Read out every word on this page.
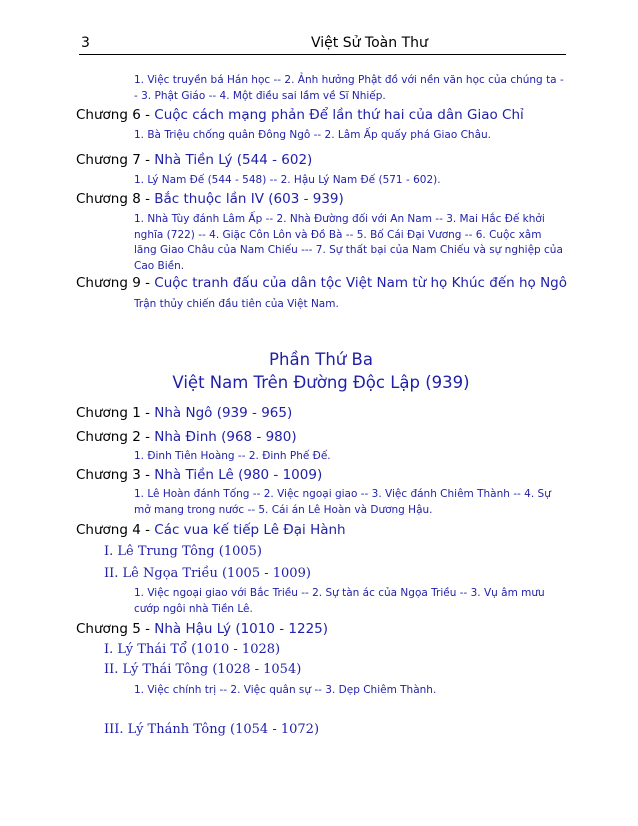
3	Việt Sử Toàn Thư
1. Việc truyền bá Hán học -- 2. Ảnh hưởng Phật đồ với nền văn học của chúng ta -- 3. Phật Giáo -- 4. Một điều sai lầm về Sĩ Nhiếp.
Chương 6 - Cuộc cách mạng phản Để lần thứ hai của dân Giao Chỉ
1. Bà Triệu chống quân Đông Ngô -- 2. Lâm Ấp quấy phá Giao Châu.
Chương 7 - Nhà Tiền Lý (544 - 602)
1. Lý Nam Đế (544 - 548) -- 2. Hậu Lý Nam Đế (571 - 602).
Chương 8 - Bắc thuộc lần IV (603 - 939)
1. Nhà Tùy đánh Lâm Ấp -- 2. Nhà Đường đối với An Nam -- 3. Mai Hắc Đế khởi nghĩa (722) -- 4. Giặc Côn Lôn và Đồ Bà -- 5. Bố Cái Đại Vương -- 6. Cuộc xâm lăng Giao Châu của Nam Chiếu --- 7. Sự thất bại của Nam Chiếu và sự nghiệp của Cao Biền.
Chương 9 - Cuộc tranh đấu của dân tộc Việt Nam từ họ Khúc đến họ Ngô
Trận thủy chiến đầu tiên của Việt Nam.
Phần Thứ Ba
Việt Nam Trên Đường Độc Lập (939)
Chương 1 - Nhà Ngô (939 - 965)
Chương 2 - Nhà Đinh (968 - 980)
1. Đinh Tiên Hoàng -- 2. Đinh Phế Đế.
Chương 3 - Nhà Tiền Lê (980 - 1009)
1. Lê Hoàn đánh Tống -- 2. Việc ngoại giao -- 3. Việc đánh Chiêm Thành -- 4. Sự mở mang trong nước -- 5. Cái án Lê Hoàn và Dương Hậu.
Chương 4 - Các vua kế tiếp Lê Đại Hành
I. Lê Trung Tông (1005)
II. Lê Ngọa Triều (1005 - 1009)
1. Việc ngoại giao với Bắc Triều -- 2. Sự tàn ác của Ngọa Triều -- 3. Vụ âm mưu cướp ngôi nhà Tiền Lê.
Chương 5 - Nhà Hậu Lý (1010 - 1225)
I. Lý Thái Tổ (1010 - 1028)
II. Lý Thái Tông (1028 - 1054)
1. Việc chính trị -- 2. Việc quân sự -- 3. Dẹp Chiêm Thành.
III. Lý Thánh Tông (1054 - 1072)
